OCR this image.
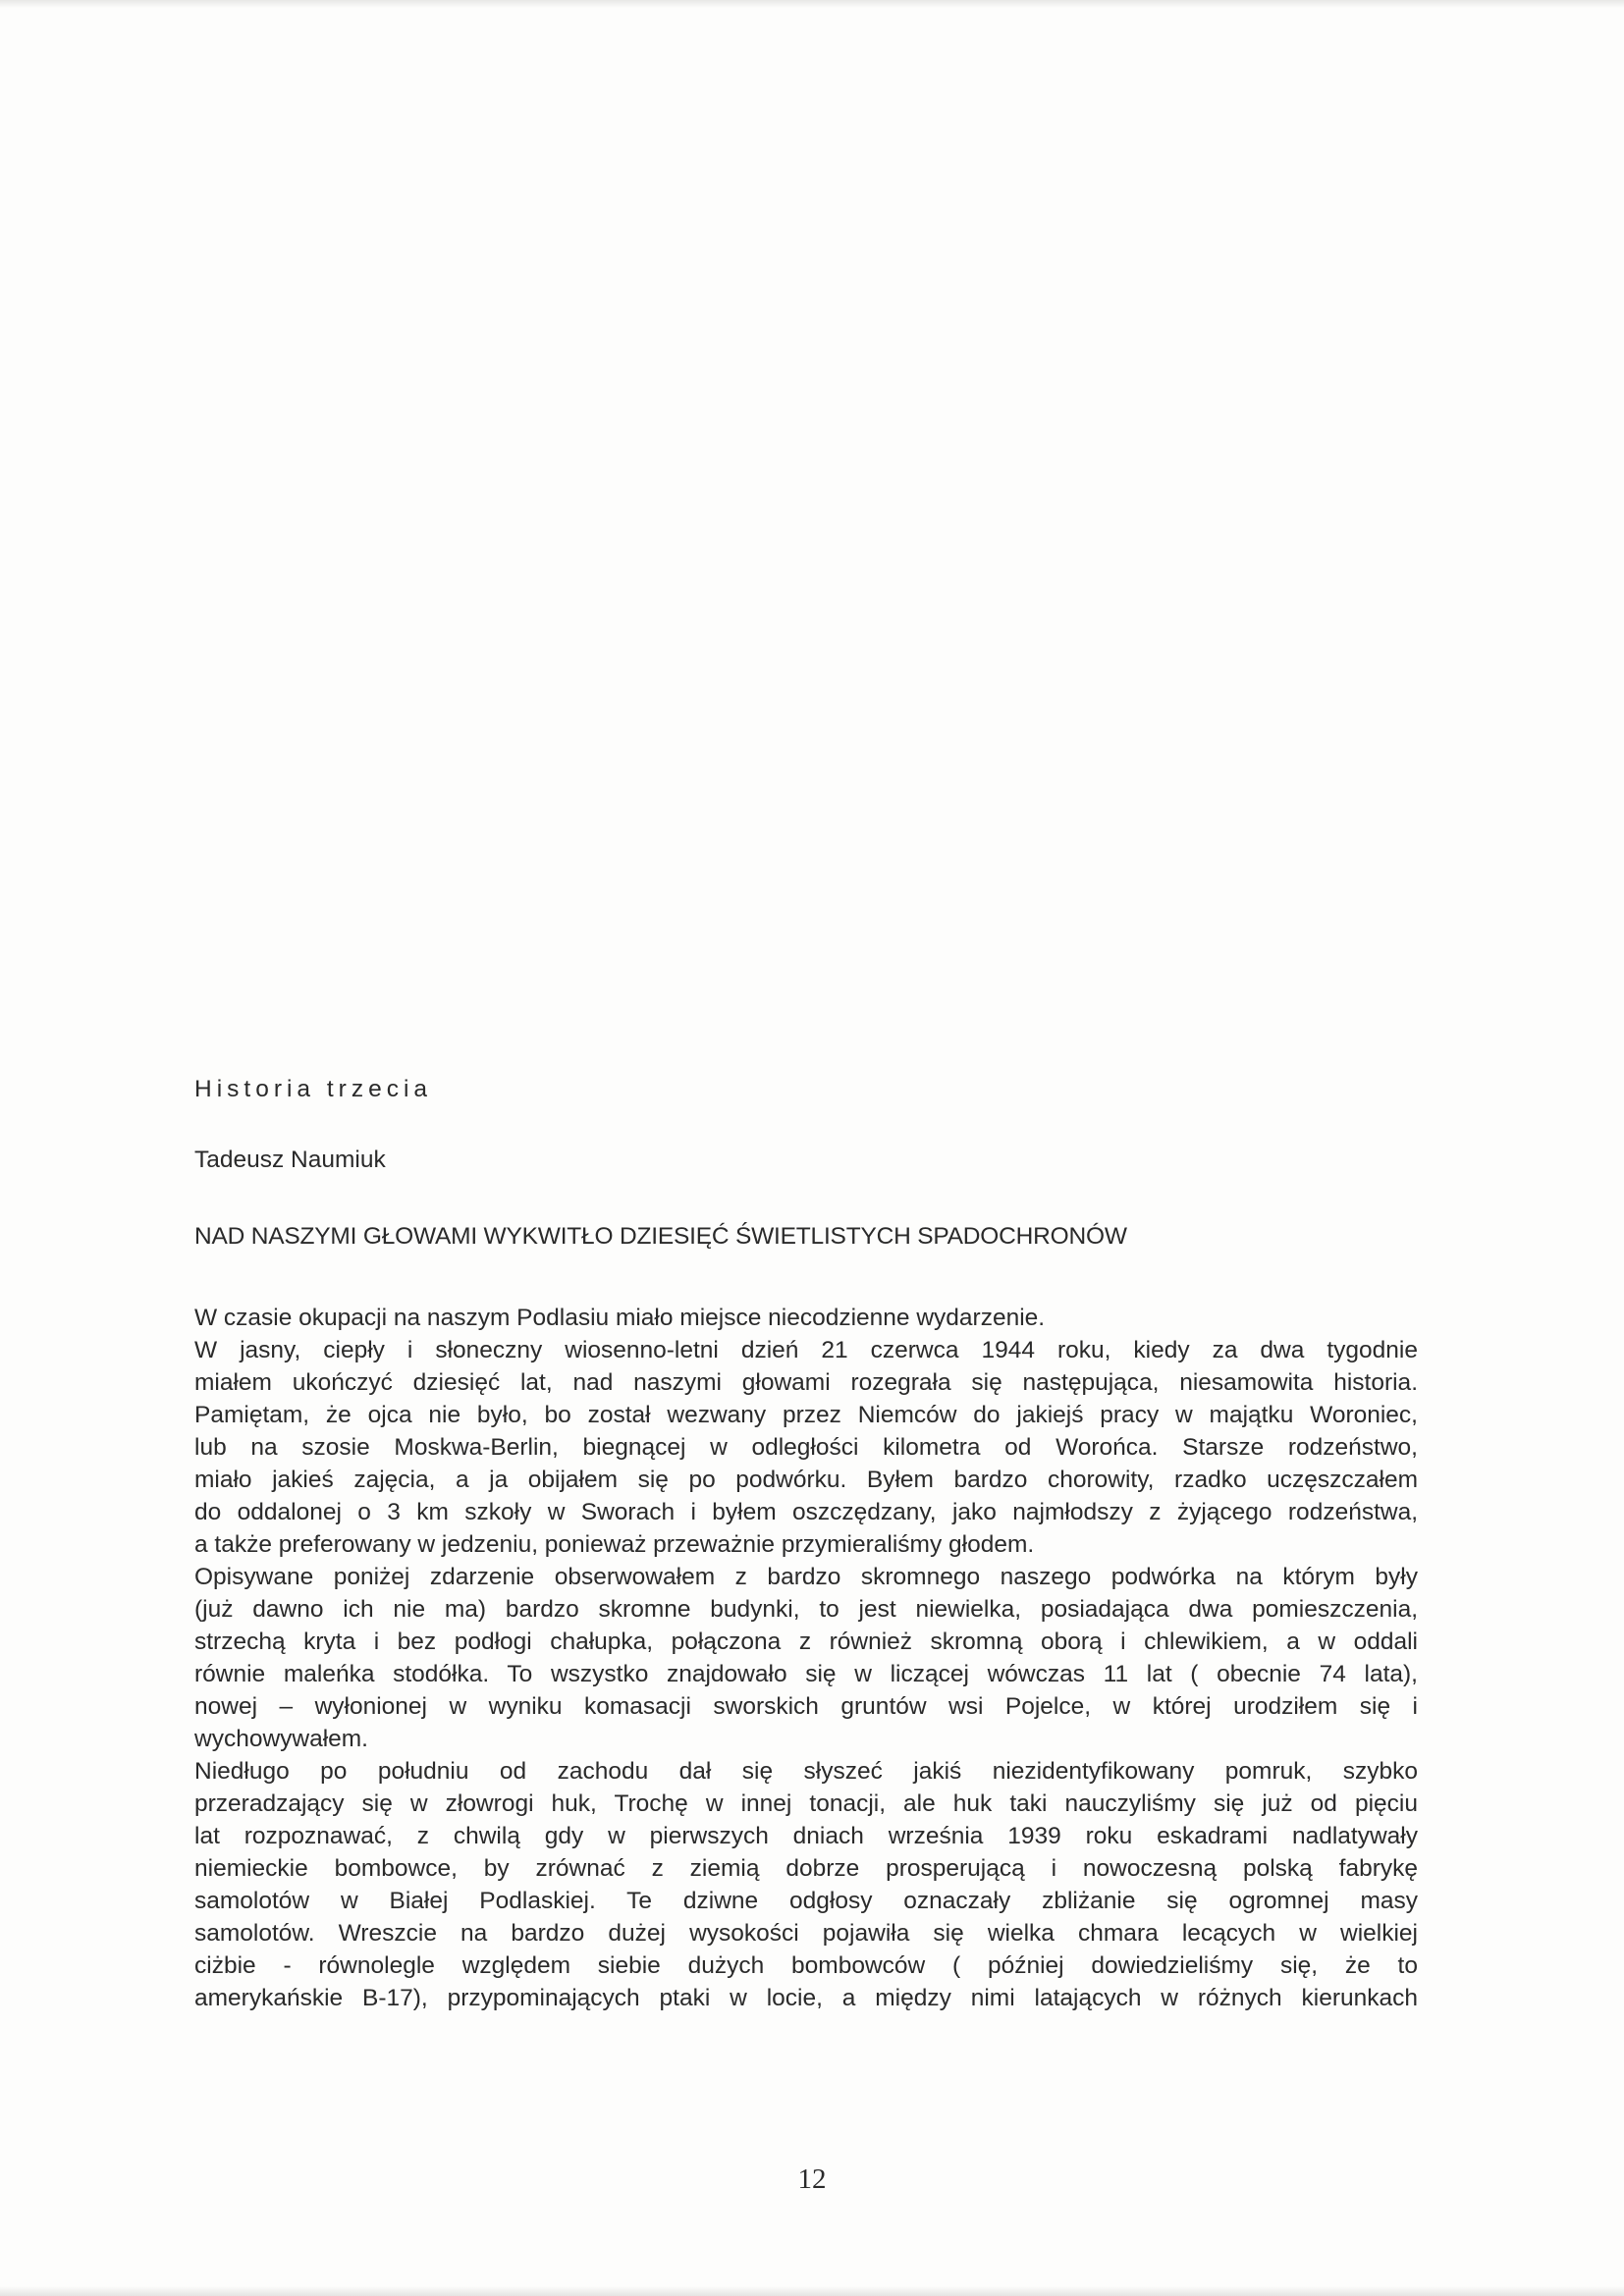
Historia trzecia

Tadeusz Naumiuk

NAD NASZYMI GŁOWAMI WYKWITŁO DZIESIĘĆ ŚWIETLISTYCH SPADOCHRONÓW

W czasie okupacji na naszym Podlasiu miało miejsce niecodzienne wydarzenie.
W jasny, ciepły i słoneczny wiosenno-letni dzień 21 czerwca 1944 roku, kiedy za dwa tygodnie
miałem ukończyć dziesięć lat, nad naszymi głowami rozegrała się następująca, niesamowita historia.
Pamiętam, że ojca nie było, bo został wezwany przez Niemców do jakiejś pracy w majątku Woroniec,
lub na szosie Moskwa-Berlin, biegnącej w odległości kilometra od Worońca. Starsze rodzeństwo,
miało jakieś zajęcia, a ja obijałem się po podwórku. Byłem bardzo chorowity, rzadko uczęszczałem
do oddalonej o 3 km szkoły w Sworach i byłem oszczędzany, jako najmłodszy z żyjącego rodzeństwa,
a także preferowany w jedzeniu, ponieważ przeważnie przymieraliśmy głodem.
Opisywane poniżej zdarzenie obserwowałem z bardzo skromnego naszego podwórka na którym były
(już dawno ich nie ma) bardzo skromne budynki, to jest niewielka, posiadająca dwa pomieszczenia,
strzechą kryta i bez podłogi chałupka, połączona z również skromną oborą i chlewikiem, a w oddali
równie maleńka stodółka. To wszystko znajdowało się w liczącej wówczas 11 lat ( obecnie 74 lata),
nowej – wyłonionej w wyniku komasacji sworskich gruntów wsi Pojelce, w której urodziłem się i
wychowywałem.
Niedługo po południu od zachodu dał się słyszeć jakiś niezidentyfikowany pomruk, szybko
przeradzający się w złowrogi huk, Trochę w innej tonacji, ale huk taki nauczyliśmy się już od pięciu
lat rozpoznawać, z chwilą gdy w pierwszych dniach września 1939 roku eskadrami nadlatywały
niemieckie bombowce, by zrównać z ziemią dobrze prosperującą i nowoczesną polską fabrykę
samolotów w Białej Podlaskiej. Te dziwne odgłosy oznaczały zbliżanie się ogromnej masy
samolotów. Wreszcie na bardzo dużej wysokości pojawiła się wielka chmara lecących w wielkiej
ciżbie - równolegle względem siebie dużych bombowców ( później dowiedzieliśmy się, że to
amerykańskie B-17), przypominających ptaki w locie, a między nimi latających w różnych kierunkach
12
